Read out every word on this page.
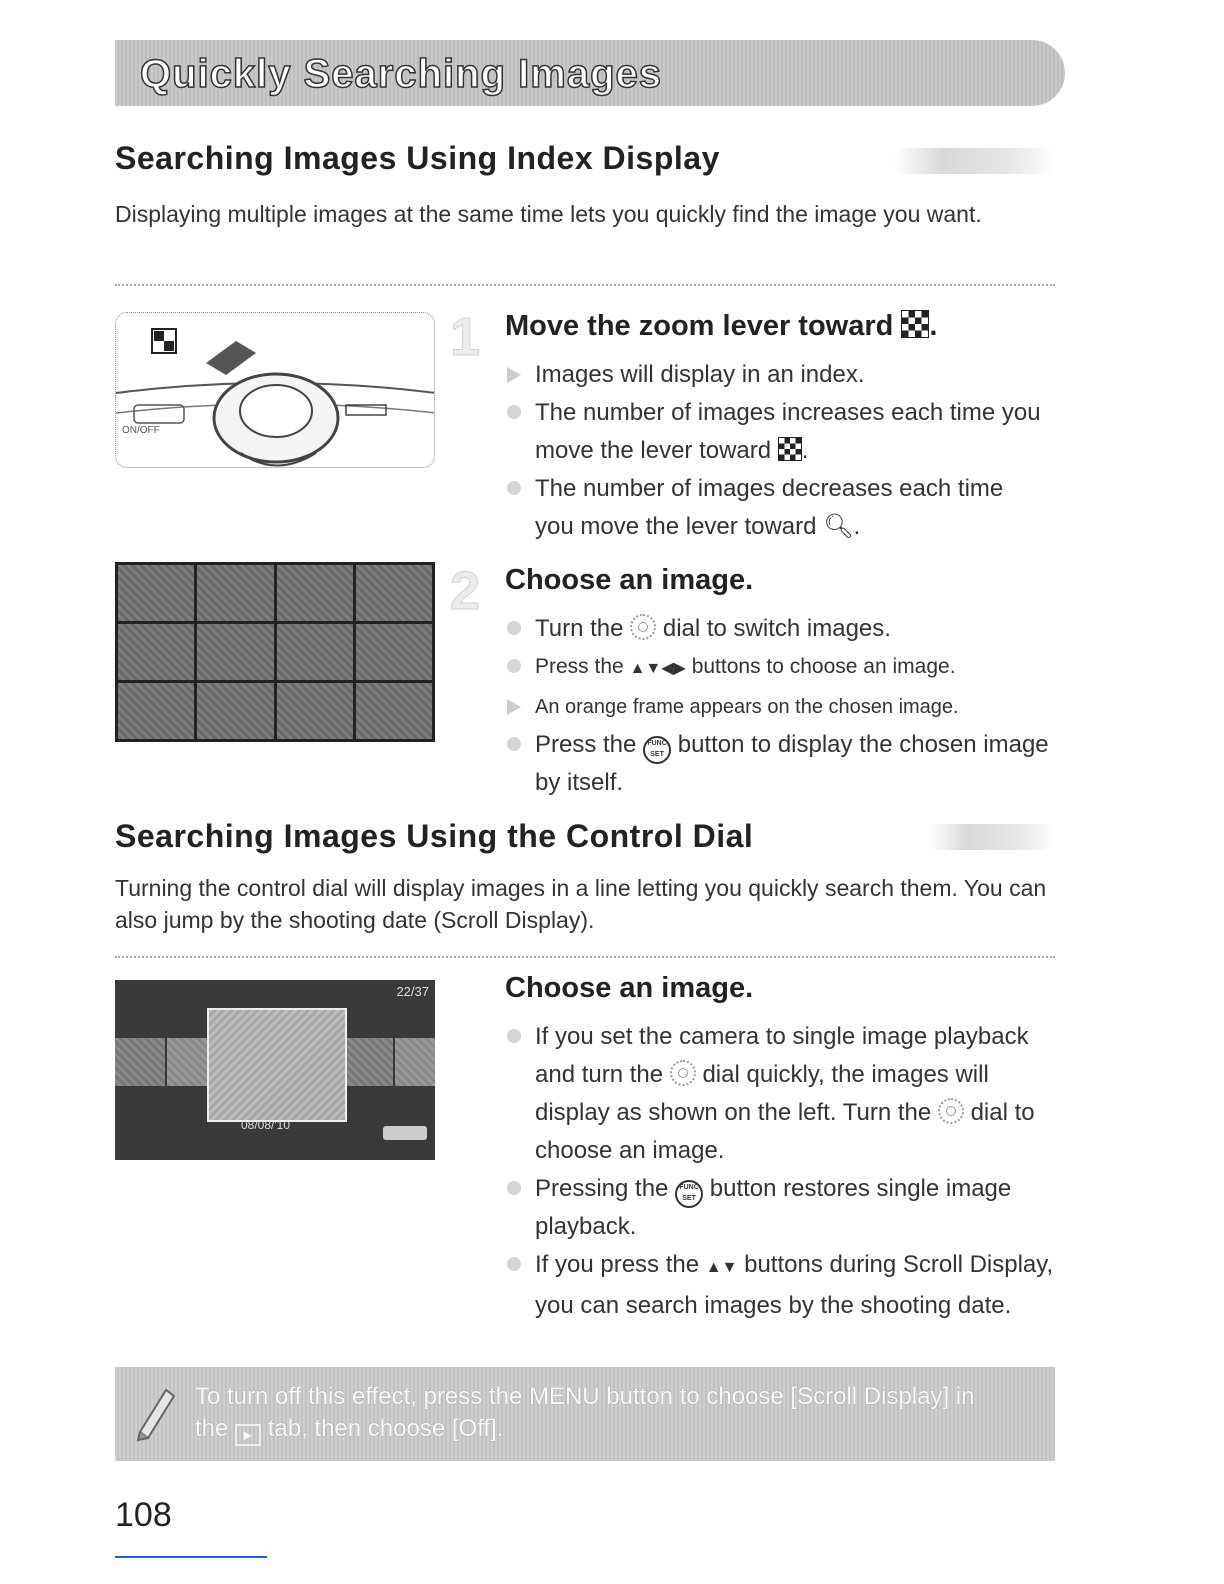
Quickly Searching Images
Searching Images Using Index Display
Displaying multiple images at the same time lets you quickly find the image you want.
ON/OFF
1 Move the zoom lever toward .
Images will display in an index.
The number of images increases each time you move the lever toward .
The number of images decreases each time you move the lever toward 🔍︎.
2 Choose an image.
Turn the dial to switch images.
Press the ▲▼◀▶ buttons to choose an image.
An orange frame appears on the chosen image.
Press the FUNC
SET button to display the chosen image by itself.
Searching Images Using the Control Dial
Turning the control dial will display images in a line letting you quickly search them. You can also jump by the shooting date (Scroll Display).
22/37
08/08/'10
Choose an image.
If you set the camera to single image playback and turn the dial quickly, the images will display as shown on the left. Turn the dial to choose an image.
Pressing the FUNC
SET button restores single image playback.
If you press the ▲▼ buttons during Scroll Display, you can search images by the shooting date.
To turn off this effect, press the MENU button to choose [Scroll Display] in
the ▶ tab, then choose [Off].
108
